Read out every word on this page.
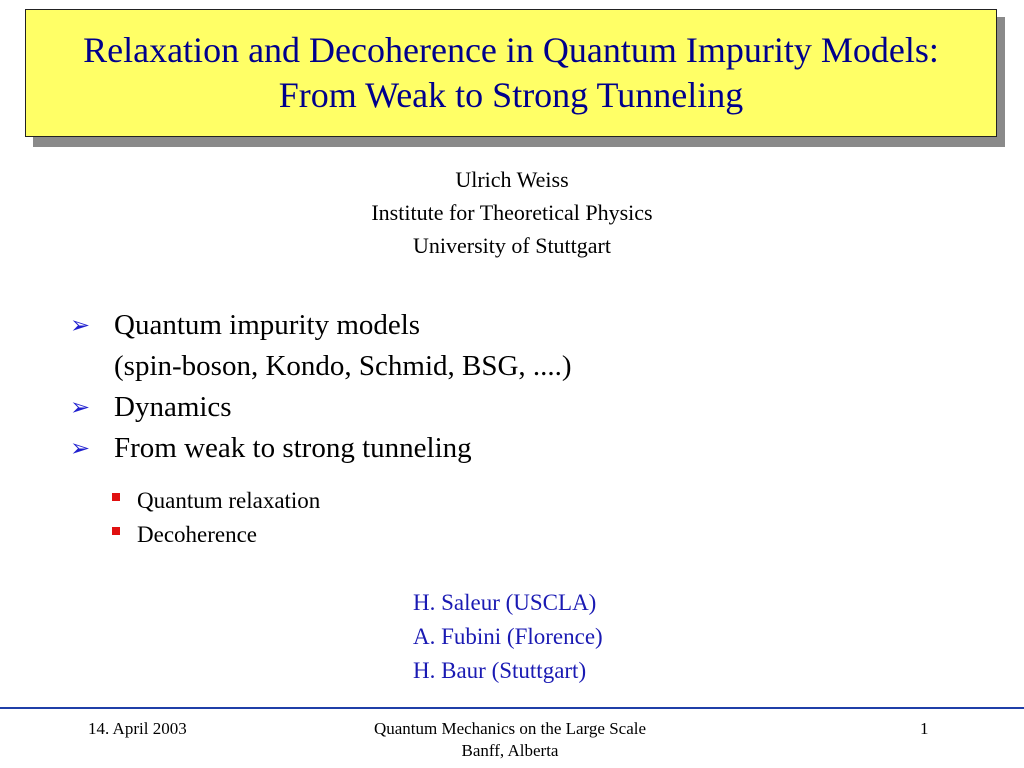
Relaxation and Decoherence in Quantum Impurity Models:
From Weak to Strong Tunneling
Ulrich Weiss
Institute for Theoretical Physics
University of Stuttgart
➢ Quantum impurity models
(spin-boson, Kondo, Schmid, BSG, ....)
➢ Dynamics
➢ From weak to strong tunneling
Quantum relaxation
Decoherence
H. Saleur (USCLA)
A. Fubini (Florence)
H. Baur (Stuttgart)
14. April 2003	Quantum Mechanics on the Large Scale
Banff, Alberta
1
